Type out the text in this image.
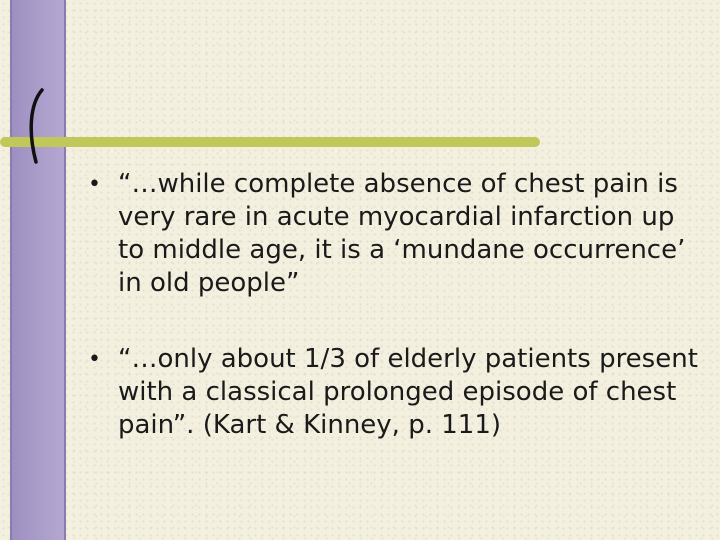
• “…while complete absence of chest pain is very rare in acute myocardial infarction up to middle age, it is a ‘mundane occurrence’ in old people”
• “…only about 1/3 of elderly patients present with a classical prolonged episode of chest pain”. (Kart & Kinney, p. 111)
